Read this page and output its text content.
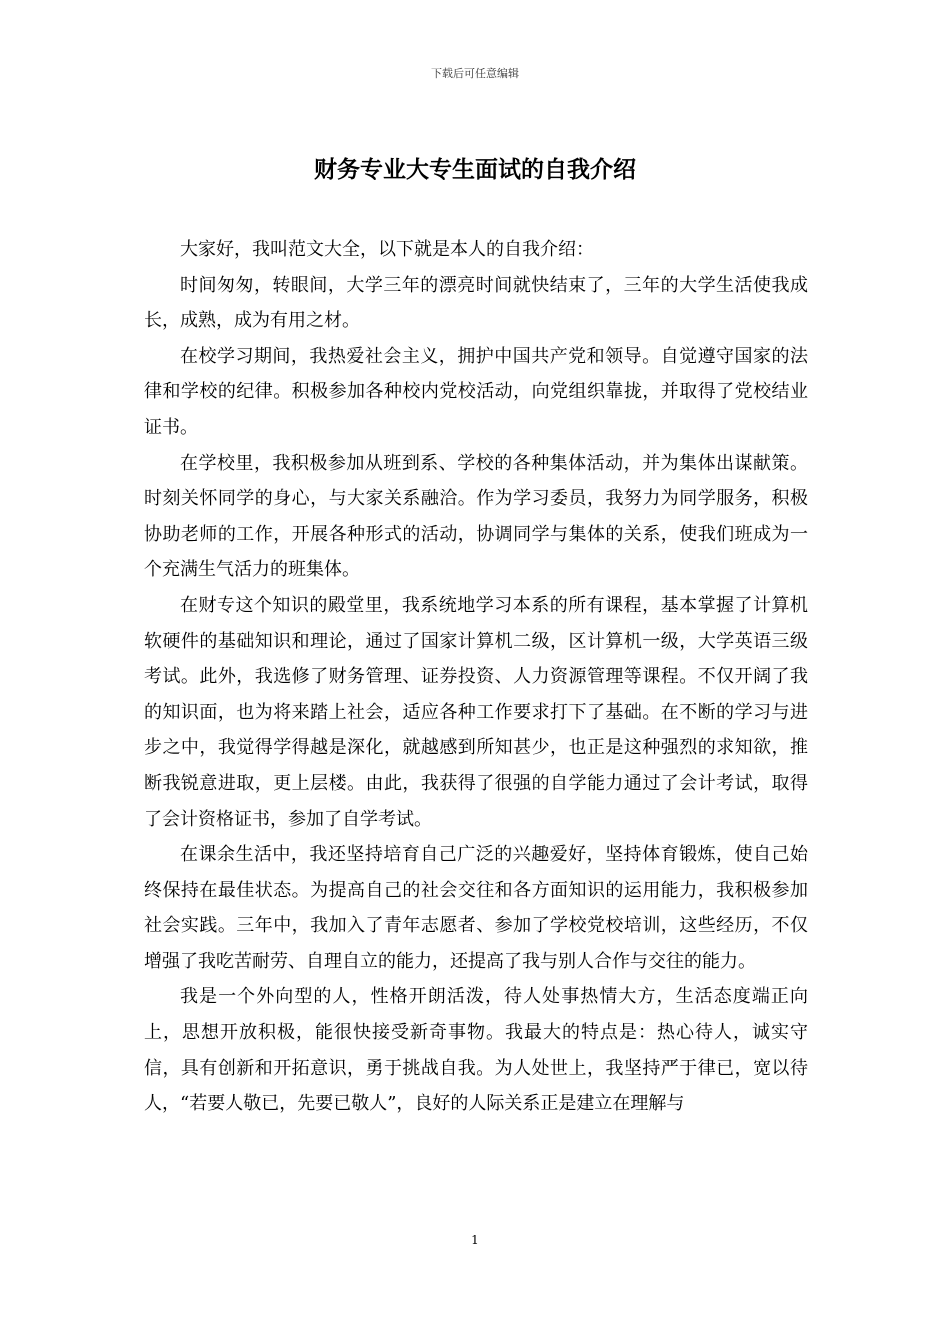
下载后可任意编辑
财务专业大专生面试的自我介绍

大家好，我叫范文大全，以下就是本人的自我介绍：

时间匆匆，转眼间，大学三年的漂亮时间就快结束了，三年的大学生活使我成长，成熟，成为有用之材。

在校学习期间，我热爱社会主义，拥护中国共产党和领导。自觉遵守国家的法律和学校的纪律。积极参加各种校内党校活动，向党组织靠拢，并取得了党校结业证书。

在学校里，我积极参加从班到系、学校的各种集体活动，并为集体出谋献策。时刻关怀同学的身心，与大家关系融洽。作为学习委员，我努力为同学服务，积极协助老师的工作，开展各种形式的活动，协调同学与集体的关系，使我们班成为一个充满生气活力的班集体。

在财专这个知识的殿堂里，我系统地学习本系的所有课程，基本掌握了计算机软硬件的基础知识和理论，通过了国家计算机二级，区计算机一级，大学英语三级考试。此外，我选修了财务管理、证券投资、人力资源管理等课程。不仅开阔了我的知识面，也为将来踏上社会，适应各种工作要求打下了基础。在不断的学习与进步之中，我觉得学得越是深化，就越感到所知甚少，也正是这种强烈的求知欲，推断我锐意进取，更上层楼。由此，我获得了很强的自学能力通过了会计考试，取得了会计资格证书，参加了自学考试。

在课余生活中，我还坚持培育自己广泛的兴趣爱好，坚持体育锻炼，使自己始终保持在最佳状态。为提高自己的社会交往和各方面知识的运用能力，我积极参加社会实践。三年中，我加入了青年志愿者、参加了学校党校培训，这些经历，不仅增强了我吃苦耐劳、自理自立的能力，还提高了我与别人合作与交往的能力。

我是一个外向型的人，性格开朗活泼，待人处事热情大方，生活态度端正向上，思想开放积极，能很快接受新奇事物。我最大的特点是：热心待人，诚实守信，具有创新和开拓意识，勇于挑战自我。为人处世上，我坚持严于律已，宽以待人，“若要人敬已，先要已敬人”，良好的人际关系正是建立在理解与

1
